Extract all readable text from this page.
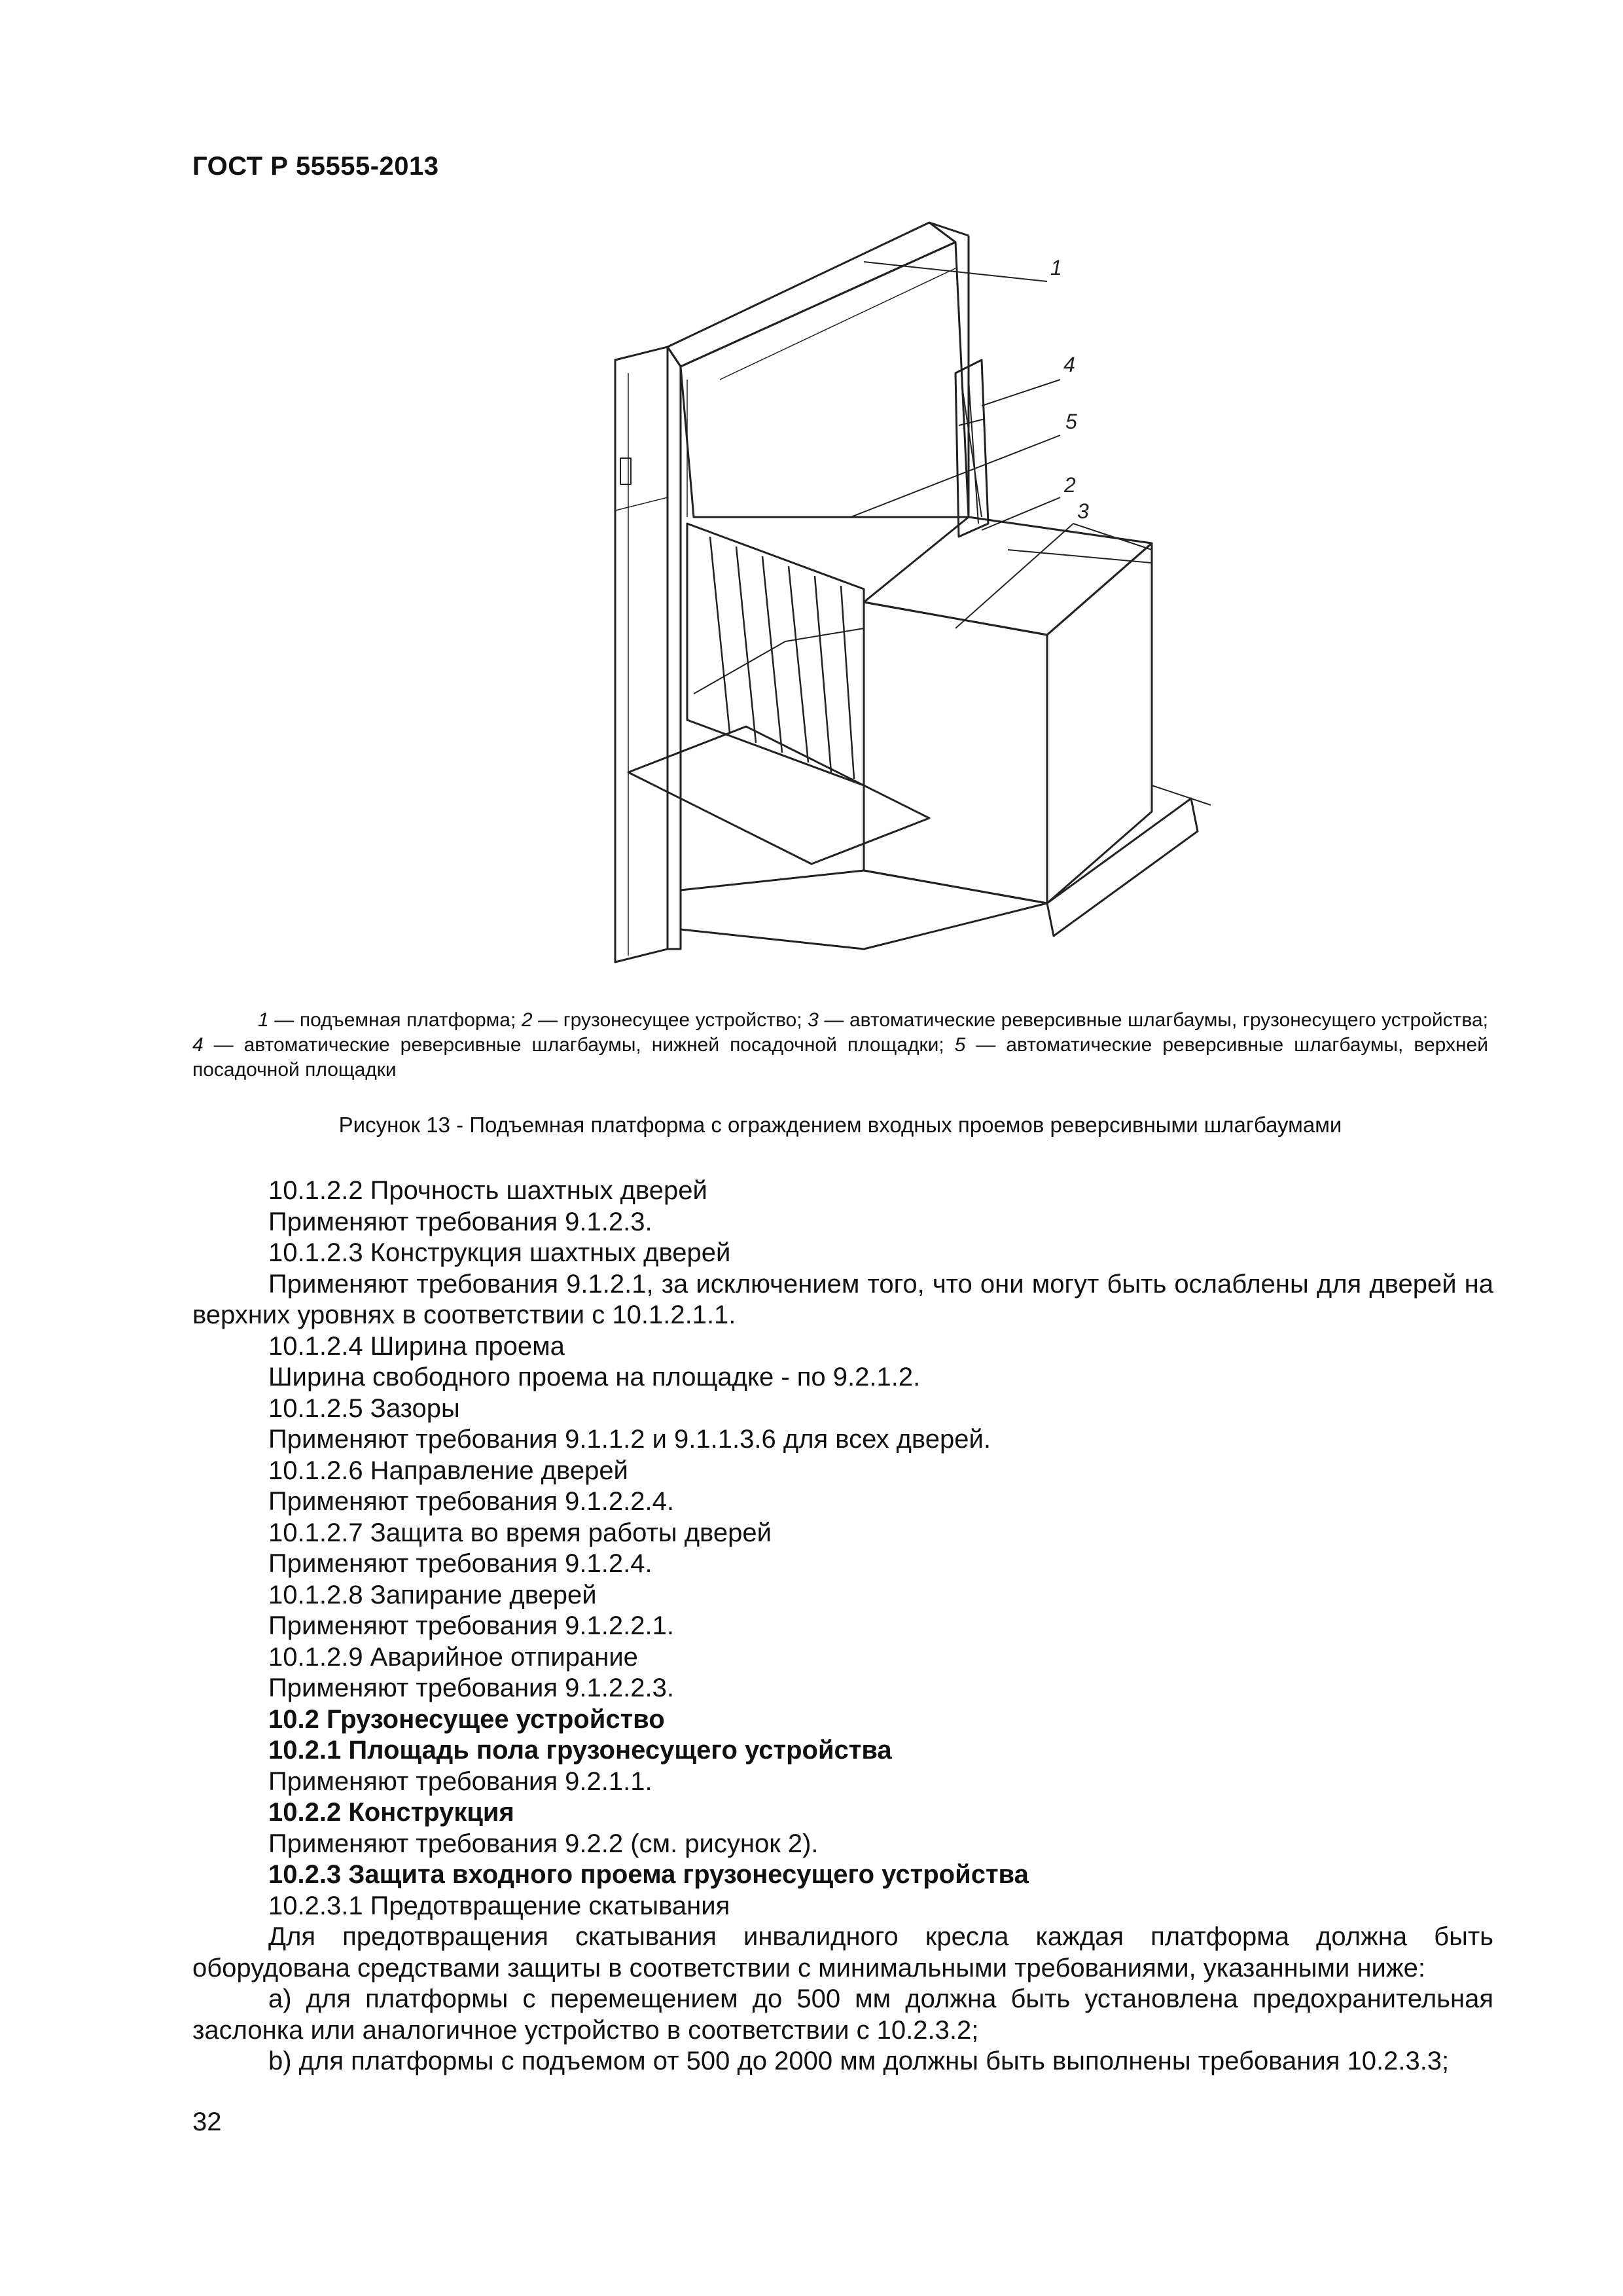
ГОСТ Р 55555-2013
1
4
5
2
3
1 — подъемная платформа; 2 — грузонесущее устройство; 3 — автоматические реверсивные шлагбаумы, грузонесущего устройства; 4 — автоматические реверсивные шлагбаумы, нижней посадочной площадки; 5 — автоматические реверсивные шлагбаумы, верхней посадочной площадки
Рисунок 13 - Подъемная платформа с ограждением входных проемов реверсивными шлагбаумами

10.1.2.2 Прочность шахтных дверей

Применяют требования 9.1.2.3.

10.1.2.3 Конструкция шахтных дверей

Применяют требования 9.1.2.1, за исключением того, что они могут быть ослаблены для дверей на верхних уровнях в соответствии с 10.1.2.1.1.

10.1.2.4 Ширина проема

Ширина свободного проема на площадке - по 9.2.1.2.

10.1.2.5 Зазоры

Применяют требования 9.1.1.2 и 9.1.1.3.6 для всех дверей.

10.1.2.6 Направление дверей

Применяют требования 9.1.2.2.4.

10.1.2.7 Защита во время работы дверей

Применяют требования 9.1.2.4.

10.1.2.8 Запирание дверей

Применяют требования 9.1.2.2.1.

10.1.2.9 Аварийное отпирание

Применяют требования 9.1.2.2.3.

10.2 Грузонесущее устройство

10.2.1 Площадь пола грузонесущего устройства

Применяют требования 9.2.1.1.

10.2.2 Конструкция

Применяют требования 9.2.2 (см. рисунок 2).

10.2.3 Защита входного проема грузонесущего устройства

10.2.3.1 Предотвращение скатывания

Для предотвращения скатывания инвалидного кресла каждая платформа должна быть оборудована средствами защиты в соответствии с минимальными требованиями, указанными ниже:

a) для платформы с перемещением до 500 мм должна быть установлена предохранительная заслонка или аналогичное устройство в соответствии с 10.2.3.2;

b) для платформы с подъемом от 500 до 2000 мм должны быть выполнены требования 10.2.3.3;

32
